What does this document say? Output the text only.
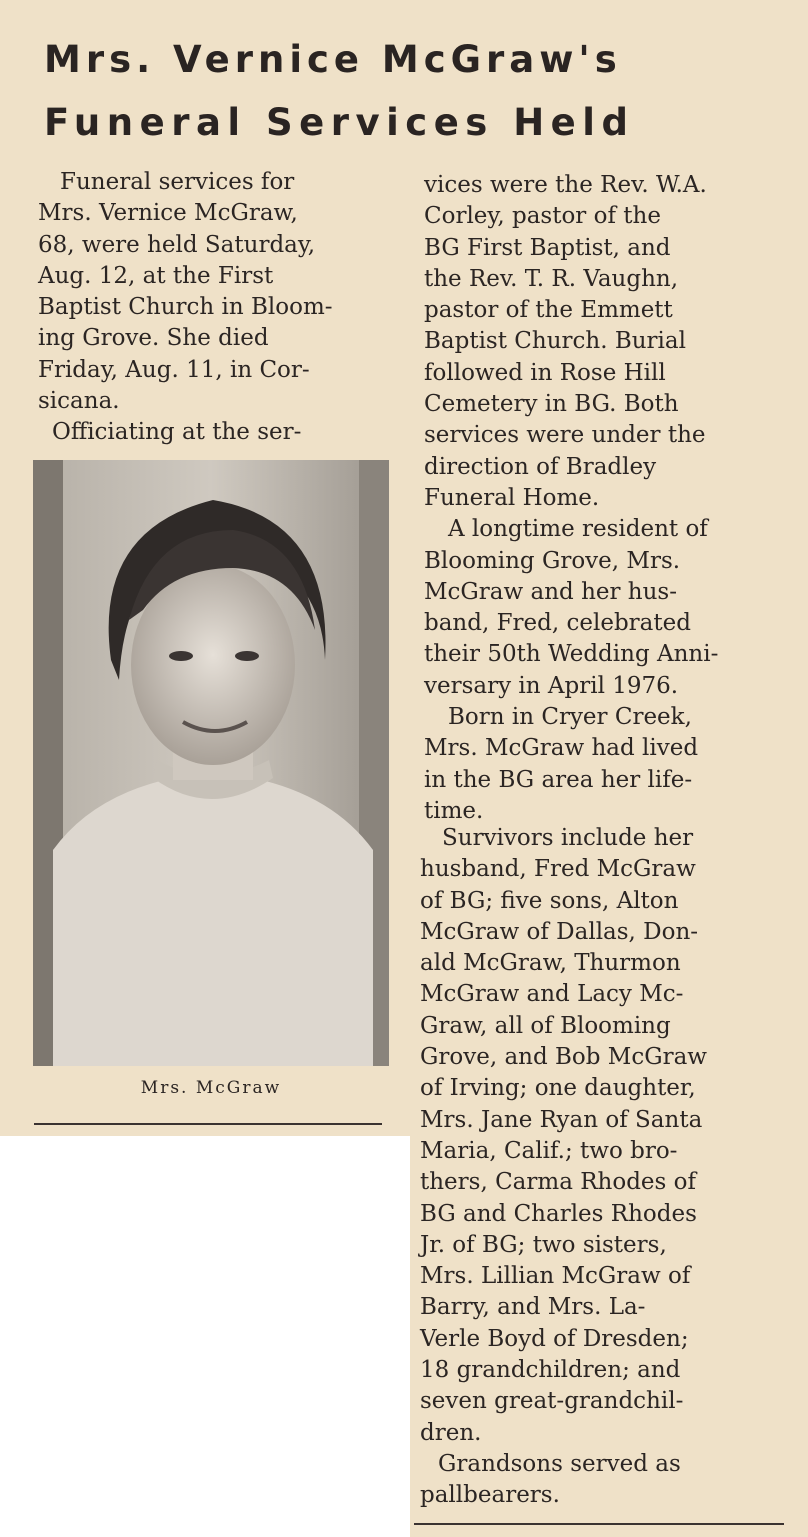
Mrs. Vernice McGraw's
Funeral Services Held

Funeral services for
Mrs. Vernice McGraw,
68, were held Saturday,
Aug. 12, at the First
Baptist Church in Bloom-
ing Grove. She died
Friday, Aug. 11, in Cor-
sicana.
Officiating at the ser-

Mrs. McGraw

vices were the Rev. W.A.
Corley, pastor of the
BG First Baptist, and
the Rev. T. R. Vaughn,
pastor of the Emmett
Baptist Church. Burial
followed in Rose Hill
Cemetery in BG. Both
services were under the
direction of Bradley
Funeral Home.
A longtime resident of
Blooming Grove, Mrs.
McGraw and her hus-
band, Fred, celebrated
their 50th Wedding Anni-
versary in April 1976.
Born in Cryer Creek,
Mrs. McGraw had lived
in the BG area her life-
time.

Survivors include her
husband, Fred McGraw
of BG; five sons, Alton
McGraw of Dallas, Don-
ald McGraw, Thurmon
McGraw and Lacy Mc-
Graw, all of Blooming
Grove, and Bob McGraw
of Irving; one daughter,
Mrs. Jane Ryan of Santa
Maria, Calif.; two bro-
thers, Carma Rhodes of
BG and Charles Rhodes
Jr. of BG; two sisters,
Mrs. Lillian McGraw of
Barry, and Mrs. La-
Verle Boyd of Dresden;
18 grandchildren; and
seven great-grandchil-
dren.
Grandsons served as
pallbearers.
